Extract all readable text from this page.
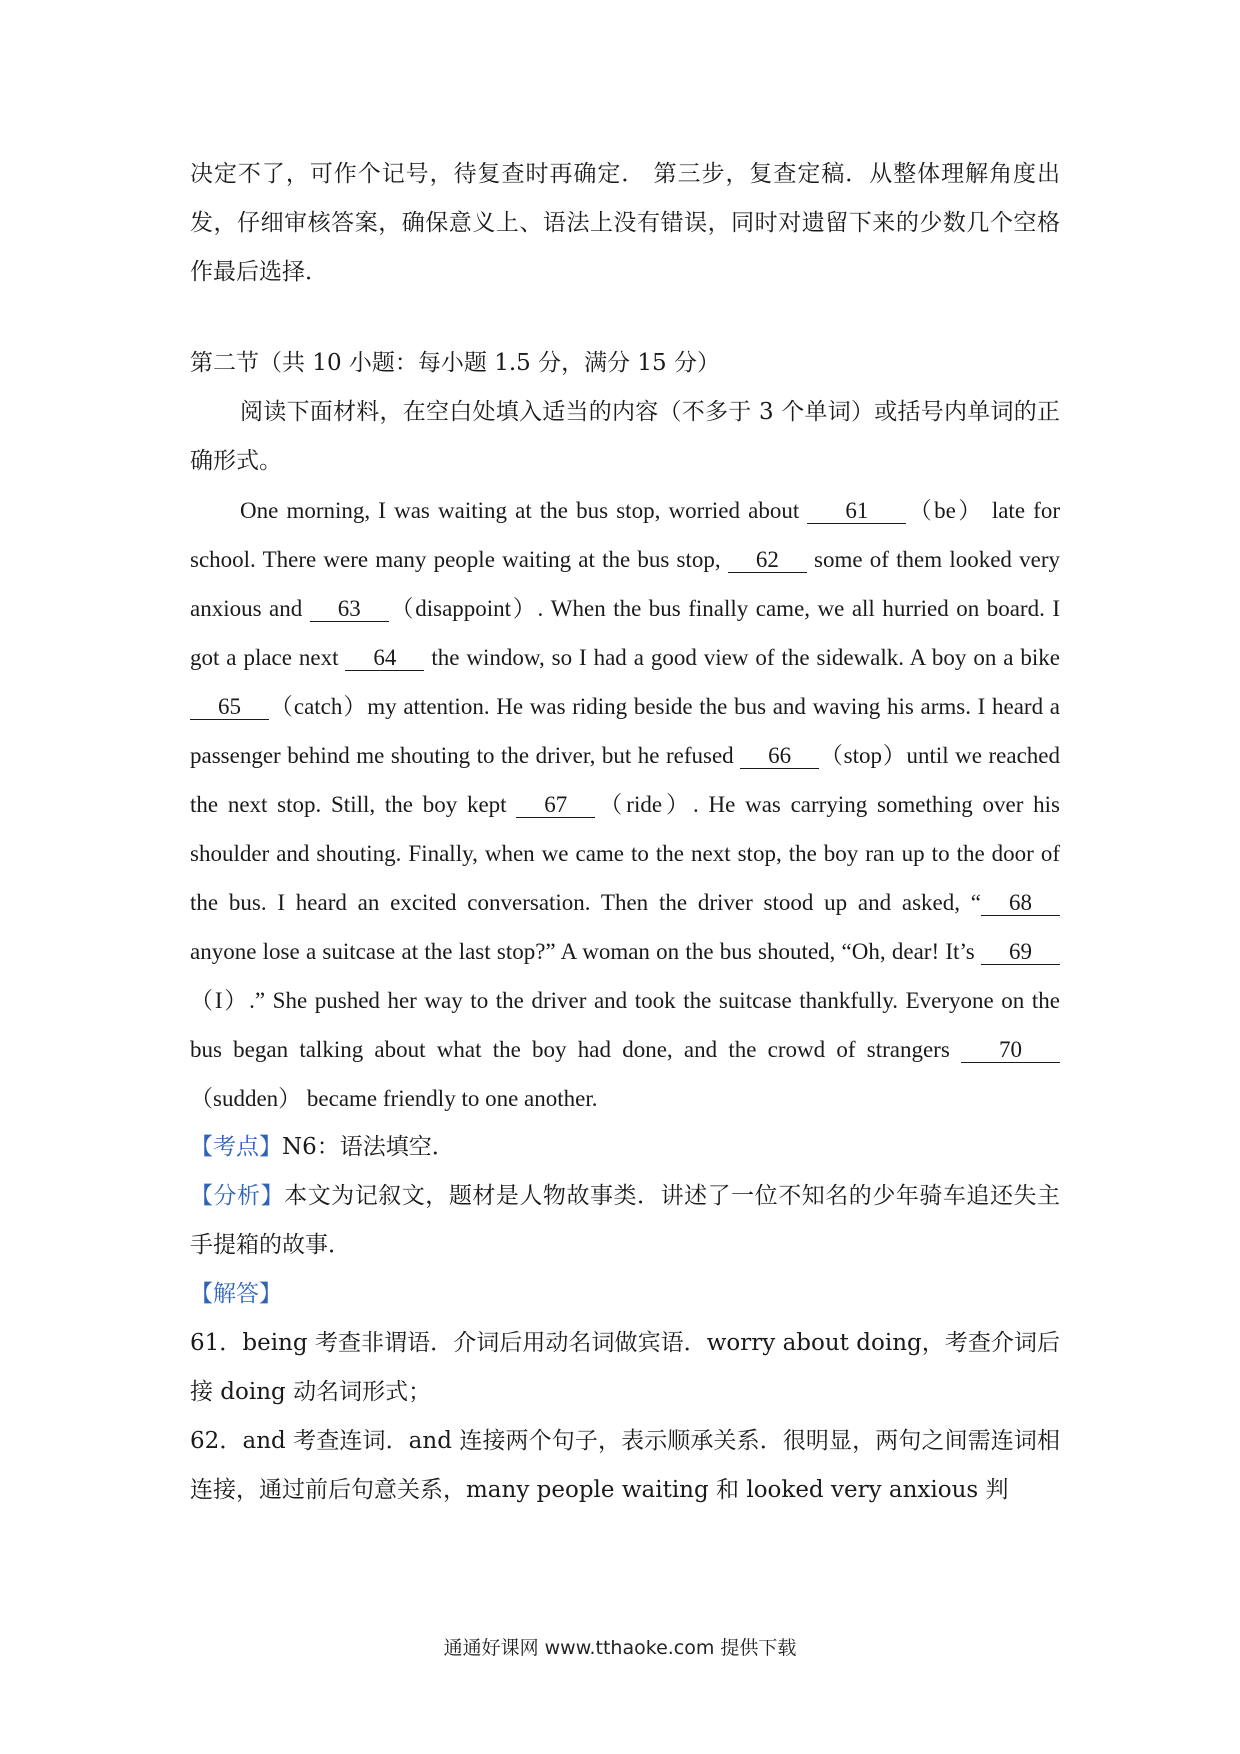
决定不了，可作个记号，待复查时再确定． 第三步，复查定稿．从整体理解角度出发，仔细审核答案，确保意义上、语法上没有错误，同时对遗留下来的少数几个空格作最后选择．

第二节（共 10 小题：每小题 1.5 分，满分 15 分）

阅读下面材料，在空白处填入适当的内容（不多于 3 个单词）或括号内单词的正确形式。

One morning, I was waiting at the bus stop, worried about 61 （be） late for school. There were many people waiting at the bus stop, 62 some of them looked very anxious and 63 （disappoint）. When the bus finally came, we all hurried on board. I got a place next 64 the window, so I had a good view of the sidewalk. A boy on a bike 65 （catch）my attention. He was riding beside the bus and waving his arms. I heard a passenger behind me shouting to the driver, but he refused 66 （stop）until we reached the next stop. Still, the boy kept 67 （ride）. He was carrying something over his shoulder and shouting. Finally, when we came to the next stop, the boy ran up to the door of the bus. I heard an excited conversation. Then the driver stood up and asked, “ 68 anyone lose a suitcase at the last stop?” A woman on the bus shouted, “Oh, dear! It’s 69（I）.” She pushed her way to the driver and took the suitcase thankfully. Everyone on the bus began talking about what the boy had done, and the crowd of strangers 70（sudden） became friendly to one another.

【考点】N6：语法填空．

【分析】本文为记叙文，题材是人物故事类．讲述了一位不知名的少年骑车追还失主手提箱的故事．

【解答】

61．being 考查非谓语．介词后用动名词做宾语．worry about doing，考查介词后接 doing 动名词形式；

62．and 考查连词．and 连接两个句子，表示顺承关系．很明显，两句之间需连词相连接，通过前后句意关系，many people waiting 和 looked very anxious 判

通通好课网 www.tthaoke.com 提供下载
